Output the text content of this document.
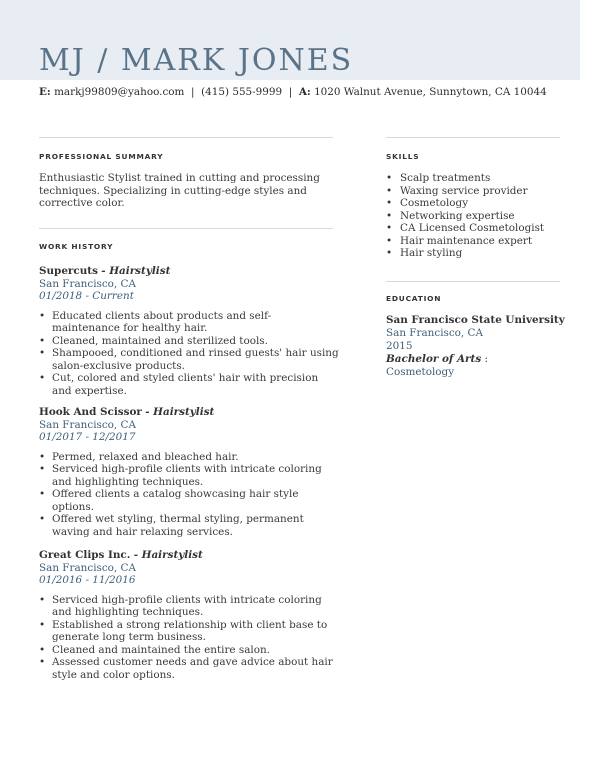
MJ / MARK JONES
E: markj99809@yahoo.com  |  (415) 555-9999  |  A: 1020 Walnut Avenue, Sunnytown, CA 10044
PROFESSIONAL SUMMARY
Enthusiastic Stylist trained in cutting and processing techniques. Specializing in cutting-edge styles and corrective color.
WORK HISTORY
Supercuts - Hairstylist
San Francisco, CA
01/2018 - Current
• Educated clients about products and self-maintenance for healthy hair.
• Cleaned, maintained and sterilized tools.
• Shampooed, conditioned and rinsed guests' hair using salon-exclusive products.
• Cut, colored and styled clients' hair with precision and expertise.
Hook And Scissor - Hairstylist
San Francisco, CA
01/2017 - 12/2017
• Permed, relaxed and bleached hair.
• Serviced high-profile clients with intricate coloring and highlighting techniques.
• Offered clients a catalog showcasing hair style options.
• Offered wet styling, thermal styling, permanent waving and hair relaxing services.
Great Clips Inc. - Hairstylist
San Francisco, CA
01/2016 - 11/2016
• Serviced high-profile clients with intricate coloring and highlighting techniques.
• Established a strong relationship with client base to generate long term business.
• Cleaned and maintained the entire salon.
• Assessed customer needs and gave advice about hair style and color options.
SKILLS
• Scalp treatments
• Waxing service provider
• Cosmetology
• Networking expertise
• CA Licensed Cosmetologist
• Hair maintenance expert
• Hair styling
EDUCATION
San Francisco State University
San Francisco, CA
2015
Bachelor of Arts :
Cosmetology
